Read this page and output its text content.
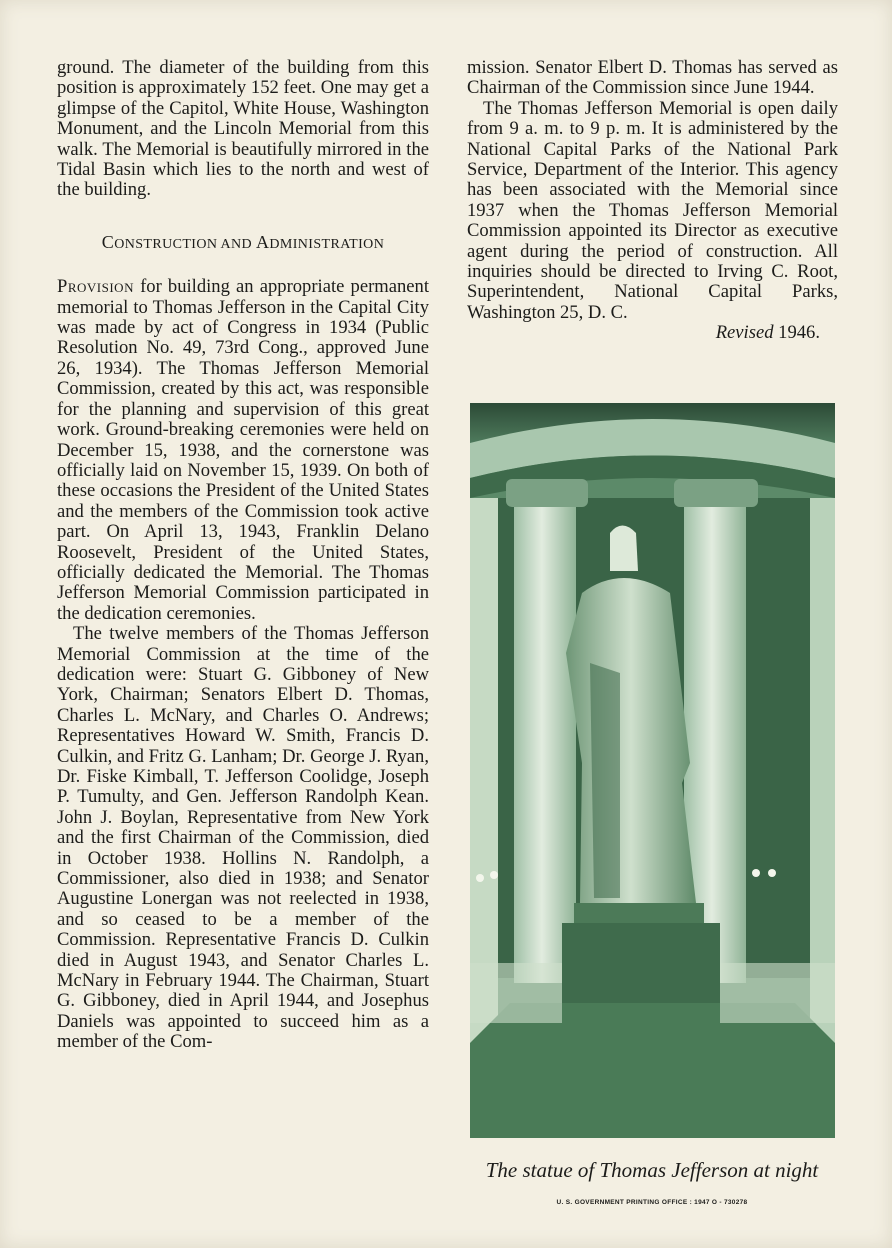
ground. The diameter of the building from this position is approximately 152 feet. One may get a glimpse of the Capitol, White House, Washington Monument, and the Lincoln Memorial from this walk. The Memorial is beautifully mirrored in the Tidal Basin which lies to the north and west of the building.

CONSTRUCTION AND ADMINISTRATION

Provision for building an appropriate permanent memorial to Thomas Jefferson in the Capital City was made by act of Congress in 1934 (Public Resolution No. 49, 73rd Cong., approved June 26, 1934). The Thomas Jefferson Memorial Commission, created by this act, was responsible for the planning and supervision of this great work. Ground-breaking ceremonies were held on December 15, 1938, and the cornerstone was officially laid on November 15, 1939. On both of these occasions the President of the United States and the members of the Commission took active part. On April 13, 1943, Franklin Delano Roosevelt, President of the United States, officially dedicated the Memorial. The Thomas Jefferson Memorial Commission participated in the dedication ceremonies.

The twelve members of the Thomas Jefferson Memorial Commission at the time of the dedication were: Stuart G. Gibboney of New York, Chairman; Senators Elbert D. Thomas, Charles L. McNary, and Charles O. Andrews; Representatives Howard W. Smith, Francis D. Culkin, and Fritz G. Lanham; Dr. George J. Ryan, Dr. Fiske Kimball, T. Jefferson Coolidge, Joseph P. Tumulty, and Gen. Jefferson Randolph Kean. John J. Boylan, Representative from New York and the first Chairman of the Commission, died in October 1938. Hollins N. Randolph, a Commissioner, also died in 1938; and Senator Augustine Lonergan was not reelected in 1938, and so ceased to be a member of the Commission. Representative Francis D. Culkin died in August 1943, and Senator Charles L. McNary in February 1944. The Chairman, Stuart G. Gibboney, died in April 1944, and Josephus Daniels was appointed to succeed him as a member of the Com-

mission. Senator Elbert D. Thomas has served as Chairman of the Commission since June 1944.

The Thomas Jefferson Memorial is open daily from 9 a. m. to 9 p. m. It is administered by the National Capital Parks of the National Park Service, Department of the Interior. This agency has been associated with the Memorial since 1937 when the Thomas Jefferson Memorial Commission appointed its Director as executive agent during the period of construction. All inquiries should be directed to Irving C. Root, Superintendent, National Capital Parks, Washington 25, D. C.

Revised 1946.

The statue of Thomas Jefferson at night
U. S. GOVERNMENT PRINTING OFFICE : 1947 O - 730278
